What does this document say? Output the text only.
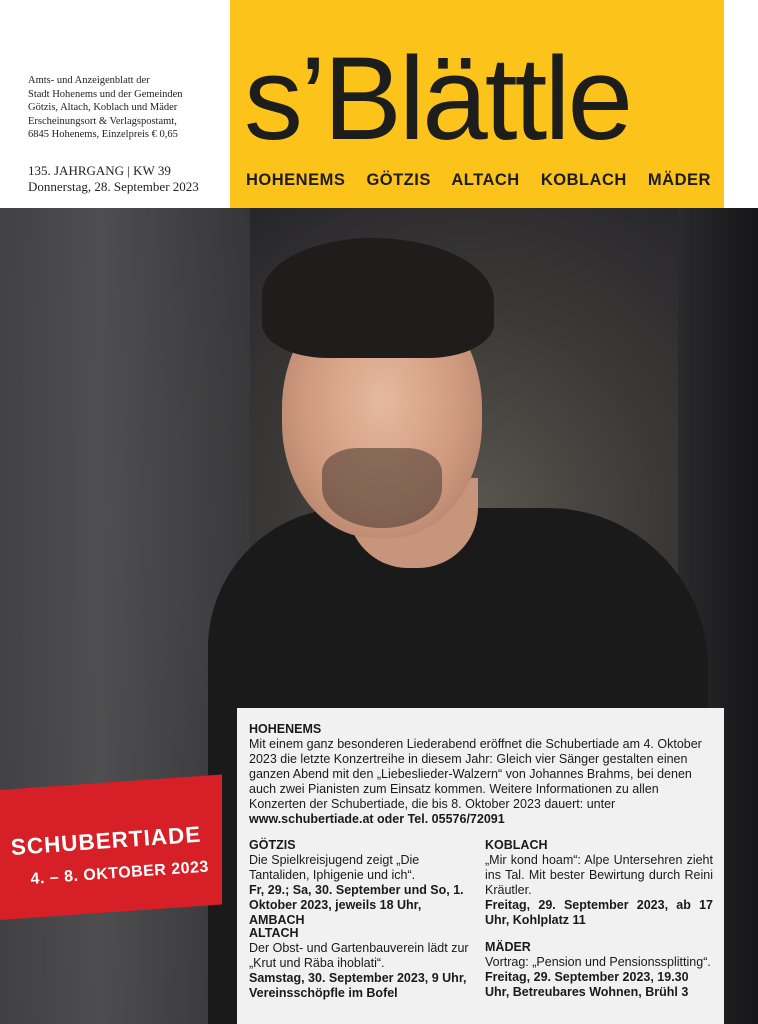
Amts- und Anzeigenblatt der
Stadt Hohenems und der Gemeinden
Götzis, Altach, Koblach und Mäder
Erscheinungsort & Verlagspostamt,
6845 Hohenems, Einzelpreis € 0,65
135. JAHRGANG | KW 39
Donnerstag, 28. September 2023
s’Blättle
HOHENEMS GÖTZIS ALTACH KOBLACH MÄDER
SCHUBERTIADE
4. – 8. OKTOBER 2023
HOHENEMS

Mit einem ganz besonderen Liederabend eröffnet die Schubertiade am 4. Oktober 2023 die letzte Konzertreihe in diesem Jahr: Gleich vier Sänger gestalten einen ganzen Abend mit den „Liebeslieder-Walzern“ von Johannes Brahms, bei denen auch zwei Pianisten zum Einsatz kommen. Weitere Informationen zu allen Konzerten der Schubertiade, die bis 8. Oktober 2023 dauert: unter www.schubertiade.at oder Tel. 05576/72091

GÖTZIS

Die Spielkreisjugend zeigt „Die Tantaliden, Iphigenie und ich“.

Fr, 29.; Sa, 30. September und So, 1. Oktober 2023, jeweils 18 Uhr, AMBACH

KOBLACH

„Mir kond hoam“: Alpe Untersehren zieht ins Tal. Mit bester Bewirtung durch Reini Kräutler.

Freitag, 29. September 2023, ab 17 Uhr, Kohlplatz 11

ALTACH

Der Obst- und Gartenbauverein lädt zur „Krut und Räba ihoblati“.

Samstag, 30. September 2023, 9 Uhr, Vereinsschöpfle im Bofel

MÄDER

Vortrag: „Pension und Pensionssplitting“.

Freitag, 29. September 2023, 19.30 Uhr, Betreubares Wohnen, Brühl 3
